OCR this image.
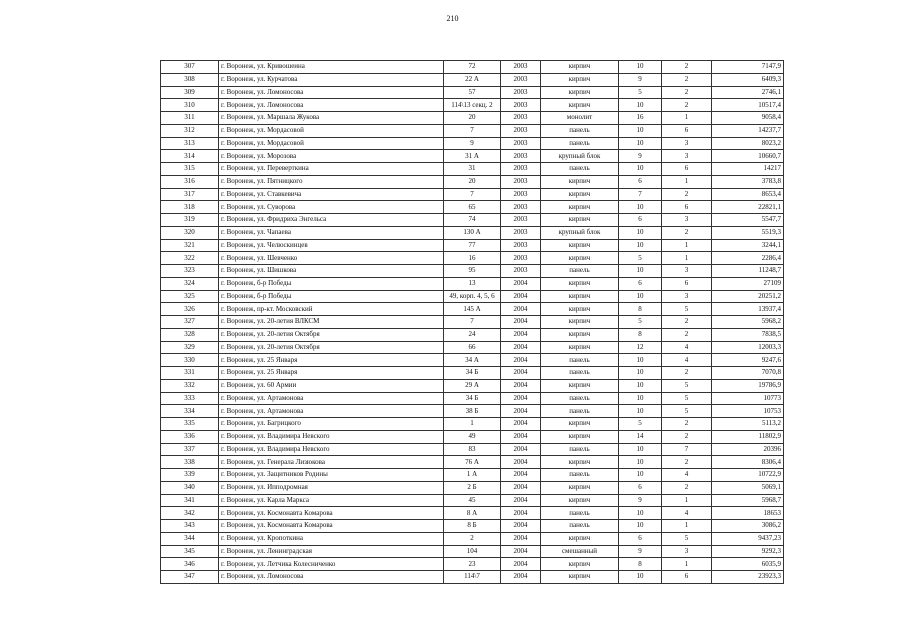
210
307	г. Воронеж, ул. Кривошеина	72	2003	кирпич	10	2	7147,9
308	г. Воронеж, ул. Курчатова	22 А	2003	кирпич	9	2	6409,3
309	г. Воронеж, ул. Ломоносова	57	2003	кирпич	5	2	2746,1
310	г. Воронеж, ул. Ломоносова	114\13 секц. 2	2003	кирпич	10	2	10517,4
311	г. Воронеж, ул. Маршала Жукова	20	2003	монолит	16	1	9058,4
312	г. Воронеж, ул. Мордасовой	7	2003	панель	10	6	14237,7
313	г. Воронеж, ул. Мордасовой	9	2003	панель	10	3	8023,2
314	г. Воронеж, ул. Морозова	31 А	2003	крупный блок	9	3	10660,7
315	г. Воронеж, ул. Переверткина	31	2003	панель	10	6	14217
316	г. Воронеж, ул. Пятницкого	20	2003	кирпич	6	1	3783,8
317	г. Воронеж, ул. Ставкевича	7	2003	кирпич	7	2	8653,4
318	г. Воронеж, ул. Суворова	65	2003	кирпич	10	6	22821,1
319	г. Воронеж, ул. Фридриха Энгельса	74	2003	кирпич	6	3	5547,7
320	г. Воронеж, ул. Чапаева	130 А	2003	крупный блок	10	2	5519,3
321	г. Воронеж, ул. Челюскинцев	77	2003	кирпич	10	1	3244,1
322	г. Воронеж, ул. Шевченко	16	2003	кирпич	5	1	2286,4
323	г. Воронеж, ул. Шишкова	95	2003	панель	10	3	11248,7
324	г. Воронеж, б-р Победы	13	2004	кирпич	6	6	27109
325	г. Воронеж, б-р Победы	49, корп. 4, 5, 6	2004	кирпич	10	3	20251,2
326	г. Воронеж, пр-кт. Московский	145 А	2004	кирпич	8	5	13937,4
327	г. Воронеж, ул. 20-летия ВЛКСМ	7	2004	кирпич	5	2	5968,2
328	г. Воронеж, ул. 20-летия Октября	24	2004	кирпич	8	2	7838,5
329	г. Воронеж, ул. 20-летия Октября	66	2004	кирпич	12	4	12003,3
330	г. Воронеж, ул. 25 Января	34 А	2004	панель	10	4	9247,6
331	г. Воронеж, ул. 25 Января	34 Б	2004	панель	10	2	7070,8
332	г. Воронеж, ул. 60 Армии	29 А	2004	кирпич	10	5	19786,9
333	г. Воронеж, ул. Артамонова	34 Б	2004	панель	10	5	10773
334	г. Воронеж, ул. Артамонова	38 Б	2004	панель	10	5	10753
335	г. Воронеж, ул. Багрицкого	1	2004	кирпич	5	2	5113,2
336	г. Воронеж, ул. Владимира Невского	49	2004	кирпич	14	2	11802,9
337	г. Воронеж, ул. Владимира Невского	83	2004	панель	10	7	20396
338	г. Воронеж, ул. Генерала Лизюкова	76 А	2004	кирпич	10	2	8306,4
339	г. Воронеж, ул. Защитников Родины	1 А	2004	панель	10	4	10722,9
340	г. Воронеж, ул. Ипподромная	2 Б	2004	кирпич	6	2	5069,1
341	г. Воронеж, ул. Карла Маркса	45	2004	кирпич	9	1	5968,7
342	г. Воронеж, ул. Космонавта Комарова	8 А	2004	панель	10	4	18653
343	г. Воронеж, ул. Космонавта Комарова	8 Б	2004	панель	10	1	3086,2
344	г. Воронеж, ул. Кропоткина	2	2004	кирпич	6	5	9437,23
345	г. Воронеж, ул. Ленинградская	104	2004	смешанный	9	3	9292,3
346	г. Воронеж, ул. Летчика Колесниченко	23	2004	кирпич	8	1	6035,9
347	г. Воронеж, ул. Ломоносова	114\7	2004	кирпич	10	6	23923,3
